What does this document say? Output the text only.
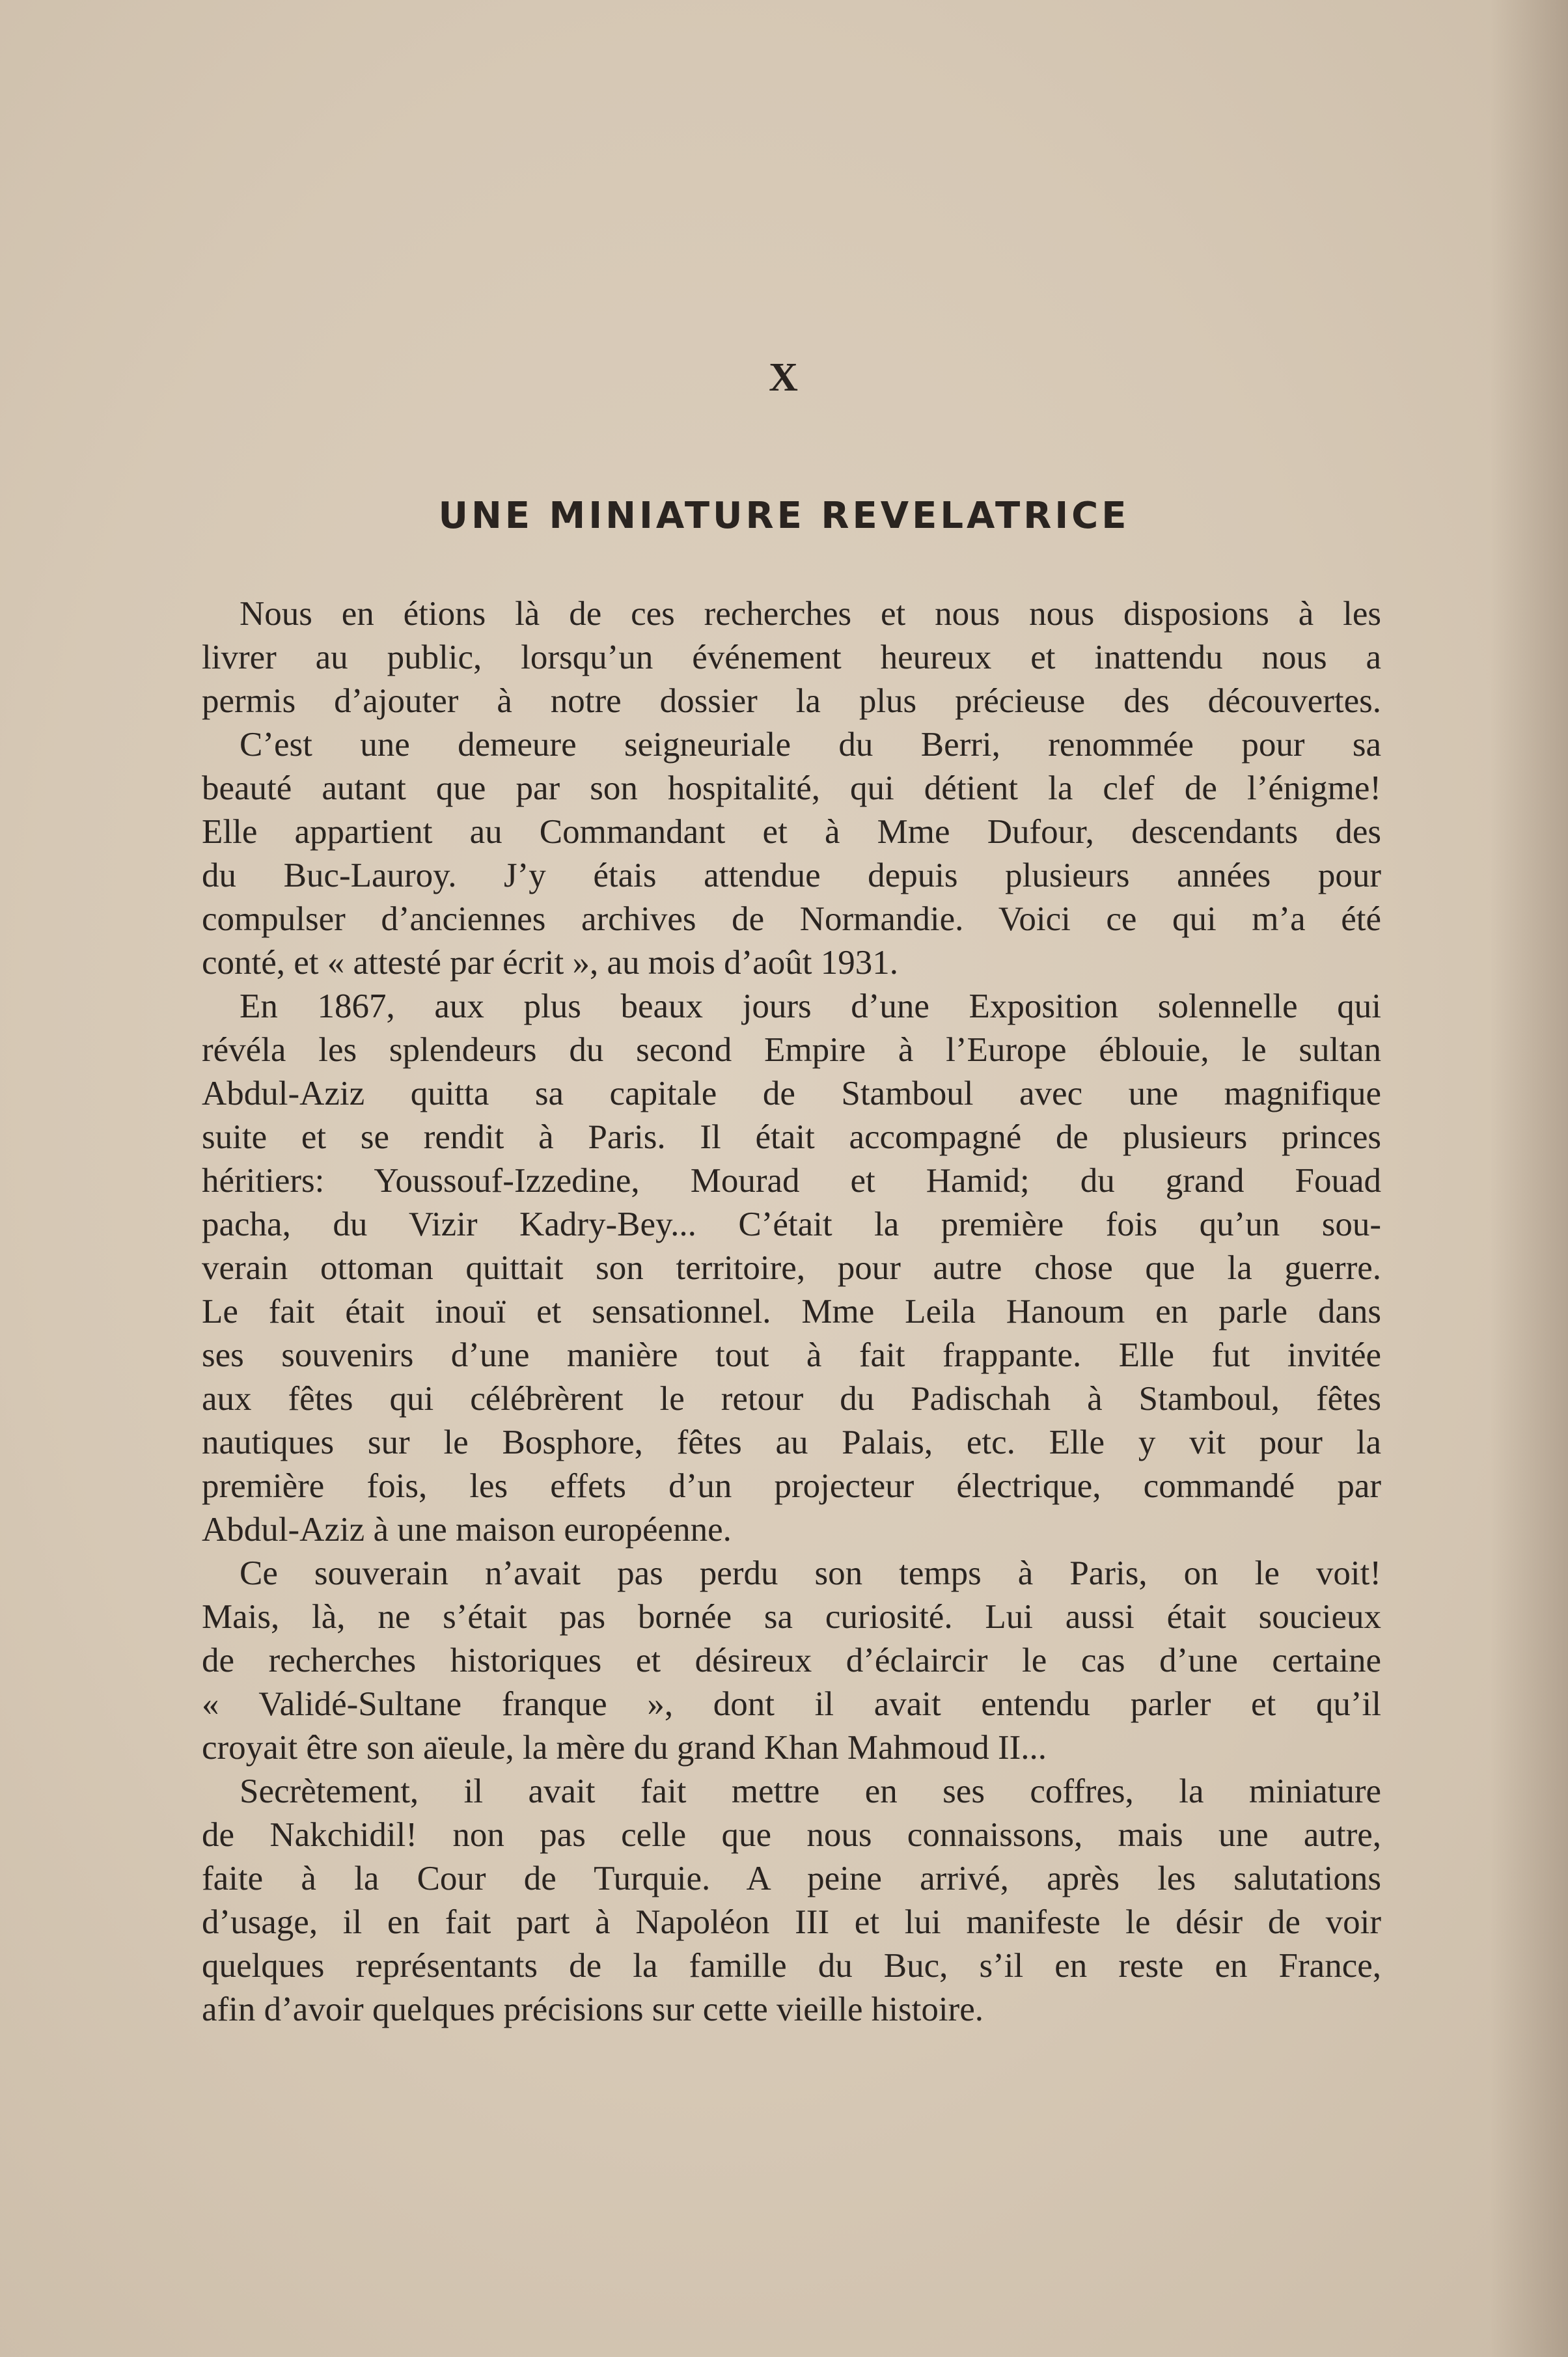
X
UNE MINIATURE REVELATRICE
Nous en étions là de ces recherches et nous nous disposions à les
livrer au public, lorsqu’un événement heureux et inattendu nous a
permis d’ajouter à notre dossier la plus précieuse des découvertes.
C’est une demeure seigneuriale du Berri, renommée pour sa
beauté autant que par son hospitalité, qui détient la clef de l’énigme!
Elle appartient au Commandant et à Mme Dufour, descendants des
du Buc-Lauroy. J’y étais attendue depuis plusieurs années pour
compulser d’anciennes archives de Normandie. Voici ce qui m’a été
conté, et « attesté par écrit », au mois d’août 1931.
En 1867, aux plus beaux jours d’une Exposition solennelle qui
révéla les splendeurs du second Empire à l’Europe éblouie, le sultan
Abdul-Aziz quitta sa capitale de Stamboul avec une magnifique
suite et se rendit à Paris. Il était accompagné de plusieurs princes
héritiers: Youssouf-Izzedine, Mourad et Hamid; du grand Fouad
pacha, du Vizir Kadry-Bey... C’était la première fois qu’un sou-
verain ottoman quittait son territoire, pour autre chose que la guerre.
Le fait était inouï et sensationnel. Mme Leila Hanoum en parle dans
ses souvenirs d’une manière tout à fait frappante. Elle fut invitée
aux fêtes qui célébrèrent le retour du Padischah à Stamboul, fêtes
nautiques sur le Bosphore, fêtes au Palais, etc. Elle y vit pour la
première fois, les effets d’un projecteur électrique, commandé par
Abdul-Aziz à une maison européenne.
Ce souverain n’avait pas perdu son temps à Paris, on le voit!
Mais, là, ne s’était pas bornée sa curiosité. Lui aussi était soucieux
de recherches historiques et désireux d’éclaircir le cas d’une certaine
« Validé-Sultane franque », dont il avait entendu parler et qu’il
croyait être son aïeule, la mère du grand Khan Mahmoud II...
Secrètement, il avait fait mettre en ses coffres, la miniature
de Nakchidil! non pas celle que nous connaissons, mais une autre,
faite à la Cour de Turquie. A peine arrivé, après les salutations
d’usage, il en fait part à Napoléon III et lui manifeste le désir de voir
quelques représentants de la famille du Buc, s’il en reste en France,
afin d’avoir quelques précisions sur cette vieille histoire.
